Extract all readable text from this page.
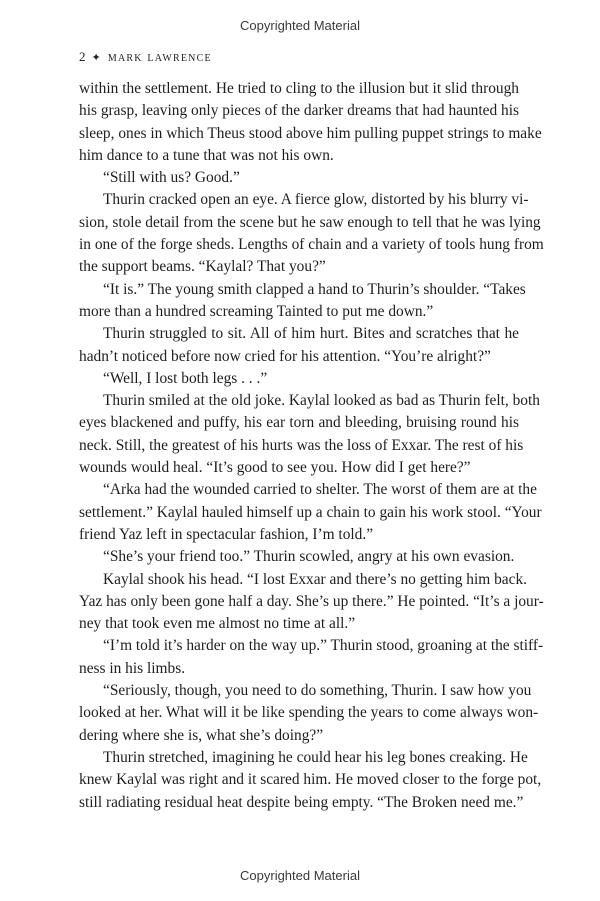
Copyrighted Material
2 ✦ mark lawrence
within the settlement. He tried to cling to the illusion but it slid through
his grasp, leaving only pieces of the darker dreams that had haunted his
sleep, ones in which Theus stood above him pulling puppet strings to make
him dance to a tune that was not his own.
“Still with us? Good.”
Thurin cracked open an eye. A fierce glow, distorted by his blurry vi-
sion, stole detail from the scene but he saw enough to tell that he was lying
in one of the forge sheds. Lengths of chain and a variety of tools hung from
the support beams. “Kaylal? That you?”
“It is.” The young smith clapped a hand to Thurin’s shoulder. “Takes
more than a hundred screaming Tainted to put me down.”
Thurin struggled to sit. All of him hurt. Bites and scratches that he
hadn’t noticed before now cried for his attention. “You’re alright?”
“Well, I lost both legs . . .”
Thurin smiled at the old joke. Kaylal looked as bad as Thurin felt, both
eyes blackened and puffy, his ear torn and bleeding, bruising round his
neck. Still, the greatest of his hurts was the loss of Exxar. The rest of his
wounds would heal. “It’s good to see you. How did I get here?”
“Arka had the wounded carried to shelter. The worst of them are at the
settlement.” Kaylal hauled himself up a chain to gain his work stool. “Your
friend Yaz left in spectacular fashion, I’m told.”
“She’s your friend too.” Thurin scowled, angry at his own evasion.
Kaylal shook his head. “I lost Exxar and there’s no getting him back.
Yaz has only been gone half a day. She’s up there.” He pointed. “It’s a jour-
ney that took even me almost no time at all.”
“I’m told it’s harder on the way up.” Thurin stood, groaning at the stiff-
ness in his limbs.
“Seriously, though, you need to do something, Thurin. I saw how you
looked at her. What will it be like spending the years to come always won-
dering where she is, what she’s doing?”
Thurin stretched, imagining he could hear his leg bones creaking. He
knew Kaylal was right and it scared him. He moved closer to the forge pot,
still radiating residual heat despite being empty. “The Broken need me.”
Copyrighted Material
